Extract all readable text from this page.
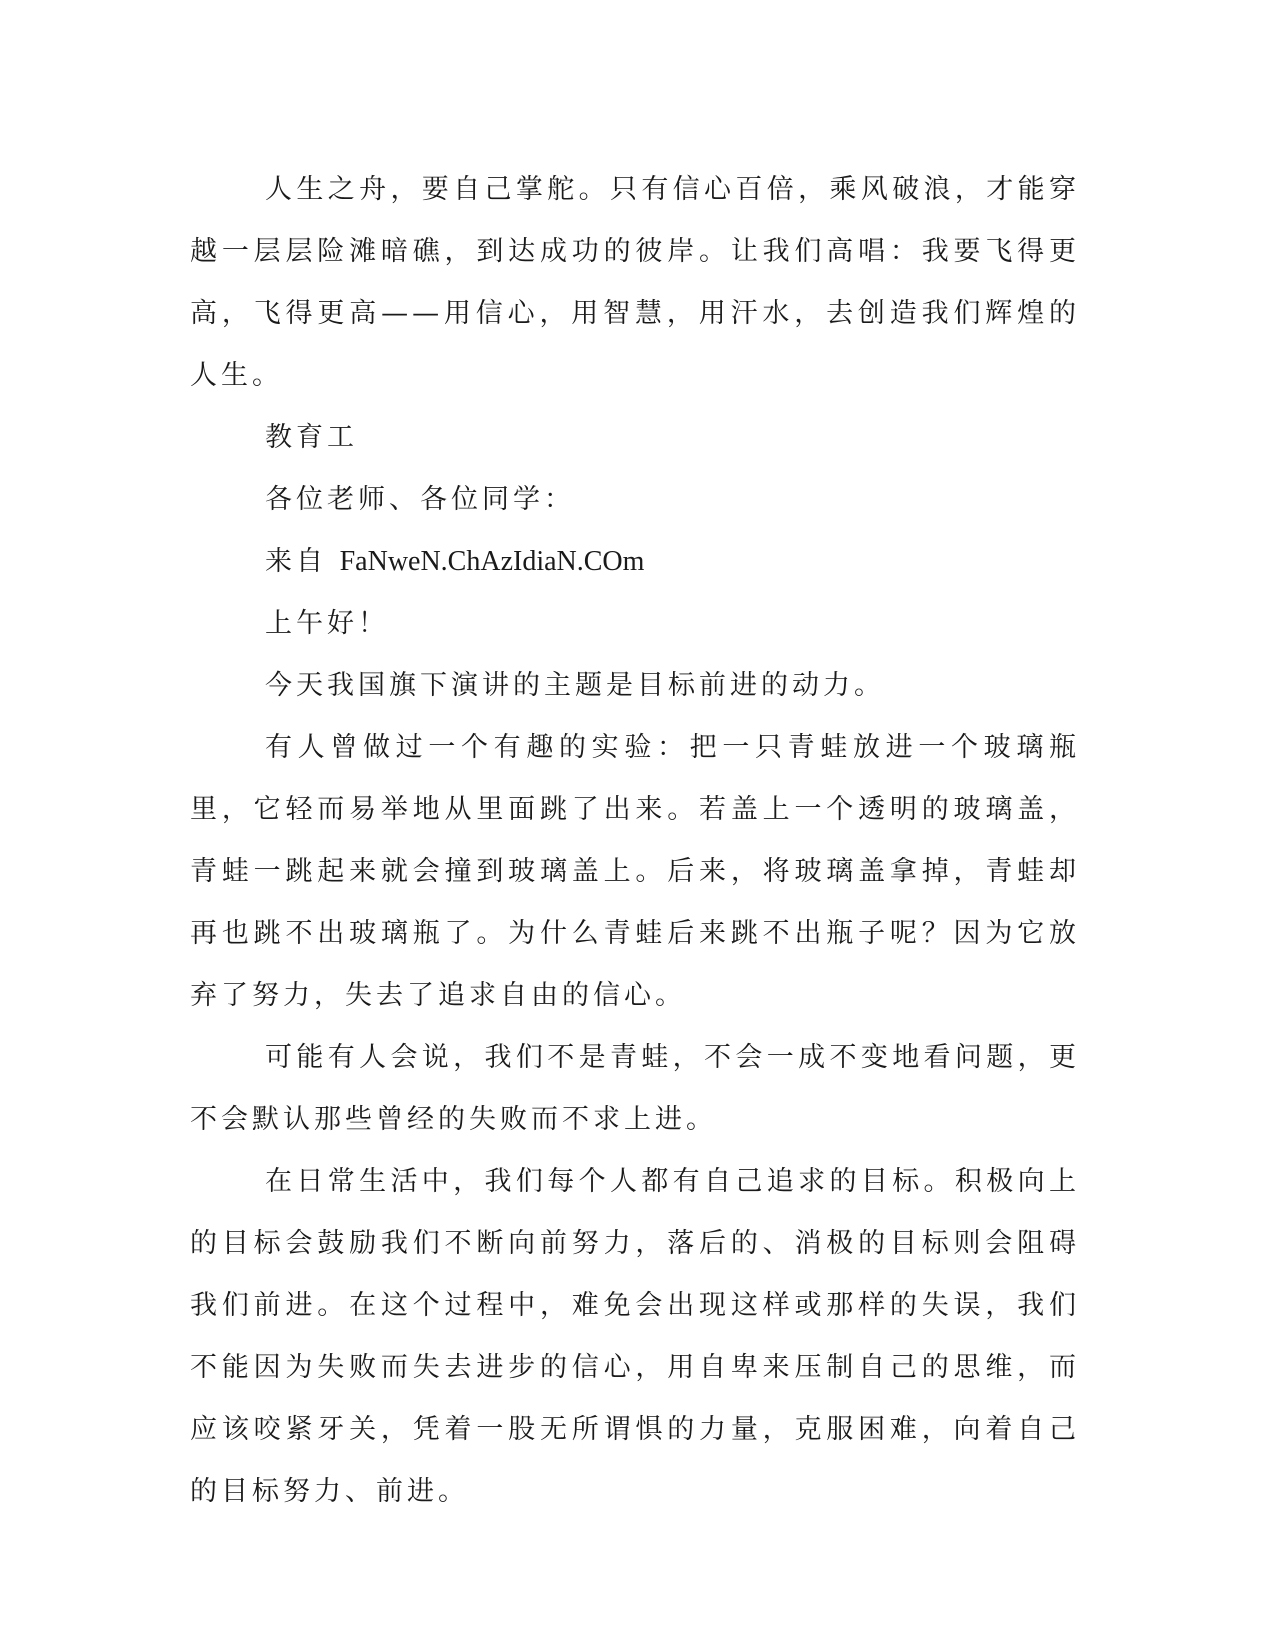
人生之舟，要自己掌舵。只有信心百倍，乘风破浪，才能穿越一层层险滩暗礁，到达成功的彼岸。让我们高唱：我要飞得更高，飞得更高——用信心，用智慧，用汗水，去创造我们辉煌的人生。

教育工

各位老师、各位同学：

来自 FaNweN.ChAzIdiaN.COm

上午好！

今天我国旗下演讲的主题是目标前进的动力。

有人曾做过一个有趣的实验：把一只青蛙放进一个玻璃瓶里，它轻而易举地从里面跳了出来。若盖上一个透明的玻璃盖，青蛙一跳起来就会撞到玻璃盖上。后来，将玻璃盖拿掉，青蛙却再也跳不出玻璃瓶了。为什么青蛙后来跳不出瓶子呢？因为它放弃了努力，失去了追求自由的信心。

可能有人会说，我们不是青蛙，不会一成不变地看问题，更不会默认那些曾经的失败而不求上进。

在日常生活中，我们每个人都有自己追求的目标。积极向上的目标会鼓励我们不断向前努力，落后的、消极的目标则会阻碍我们前进。在这个过程中，难免会出现这样或那样的失误，我们不能因为失败而失去进步的信心，用自卑来压制自己的思维，而应该咬紧牙关，凭着一股无所谓惧的力量，克服困难，向着自己的目标努力、前进。
